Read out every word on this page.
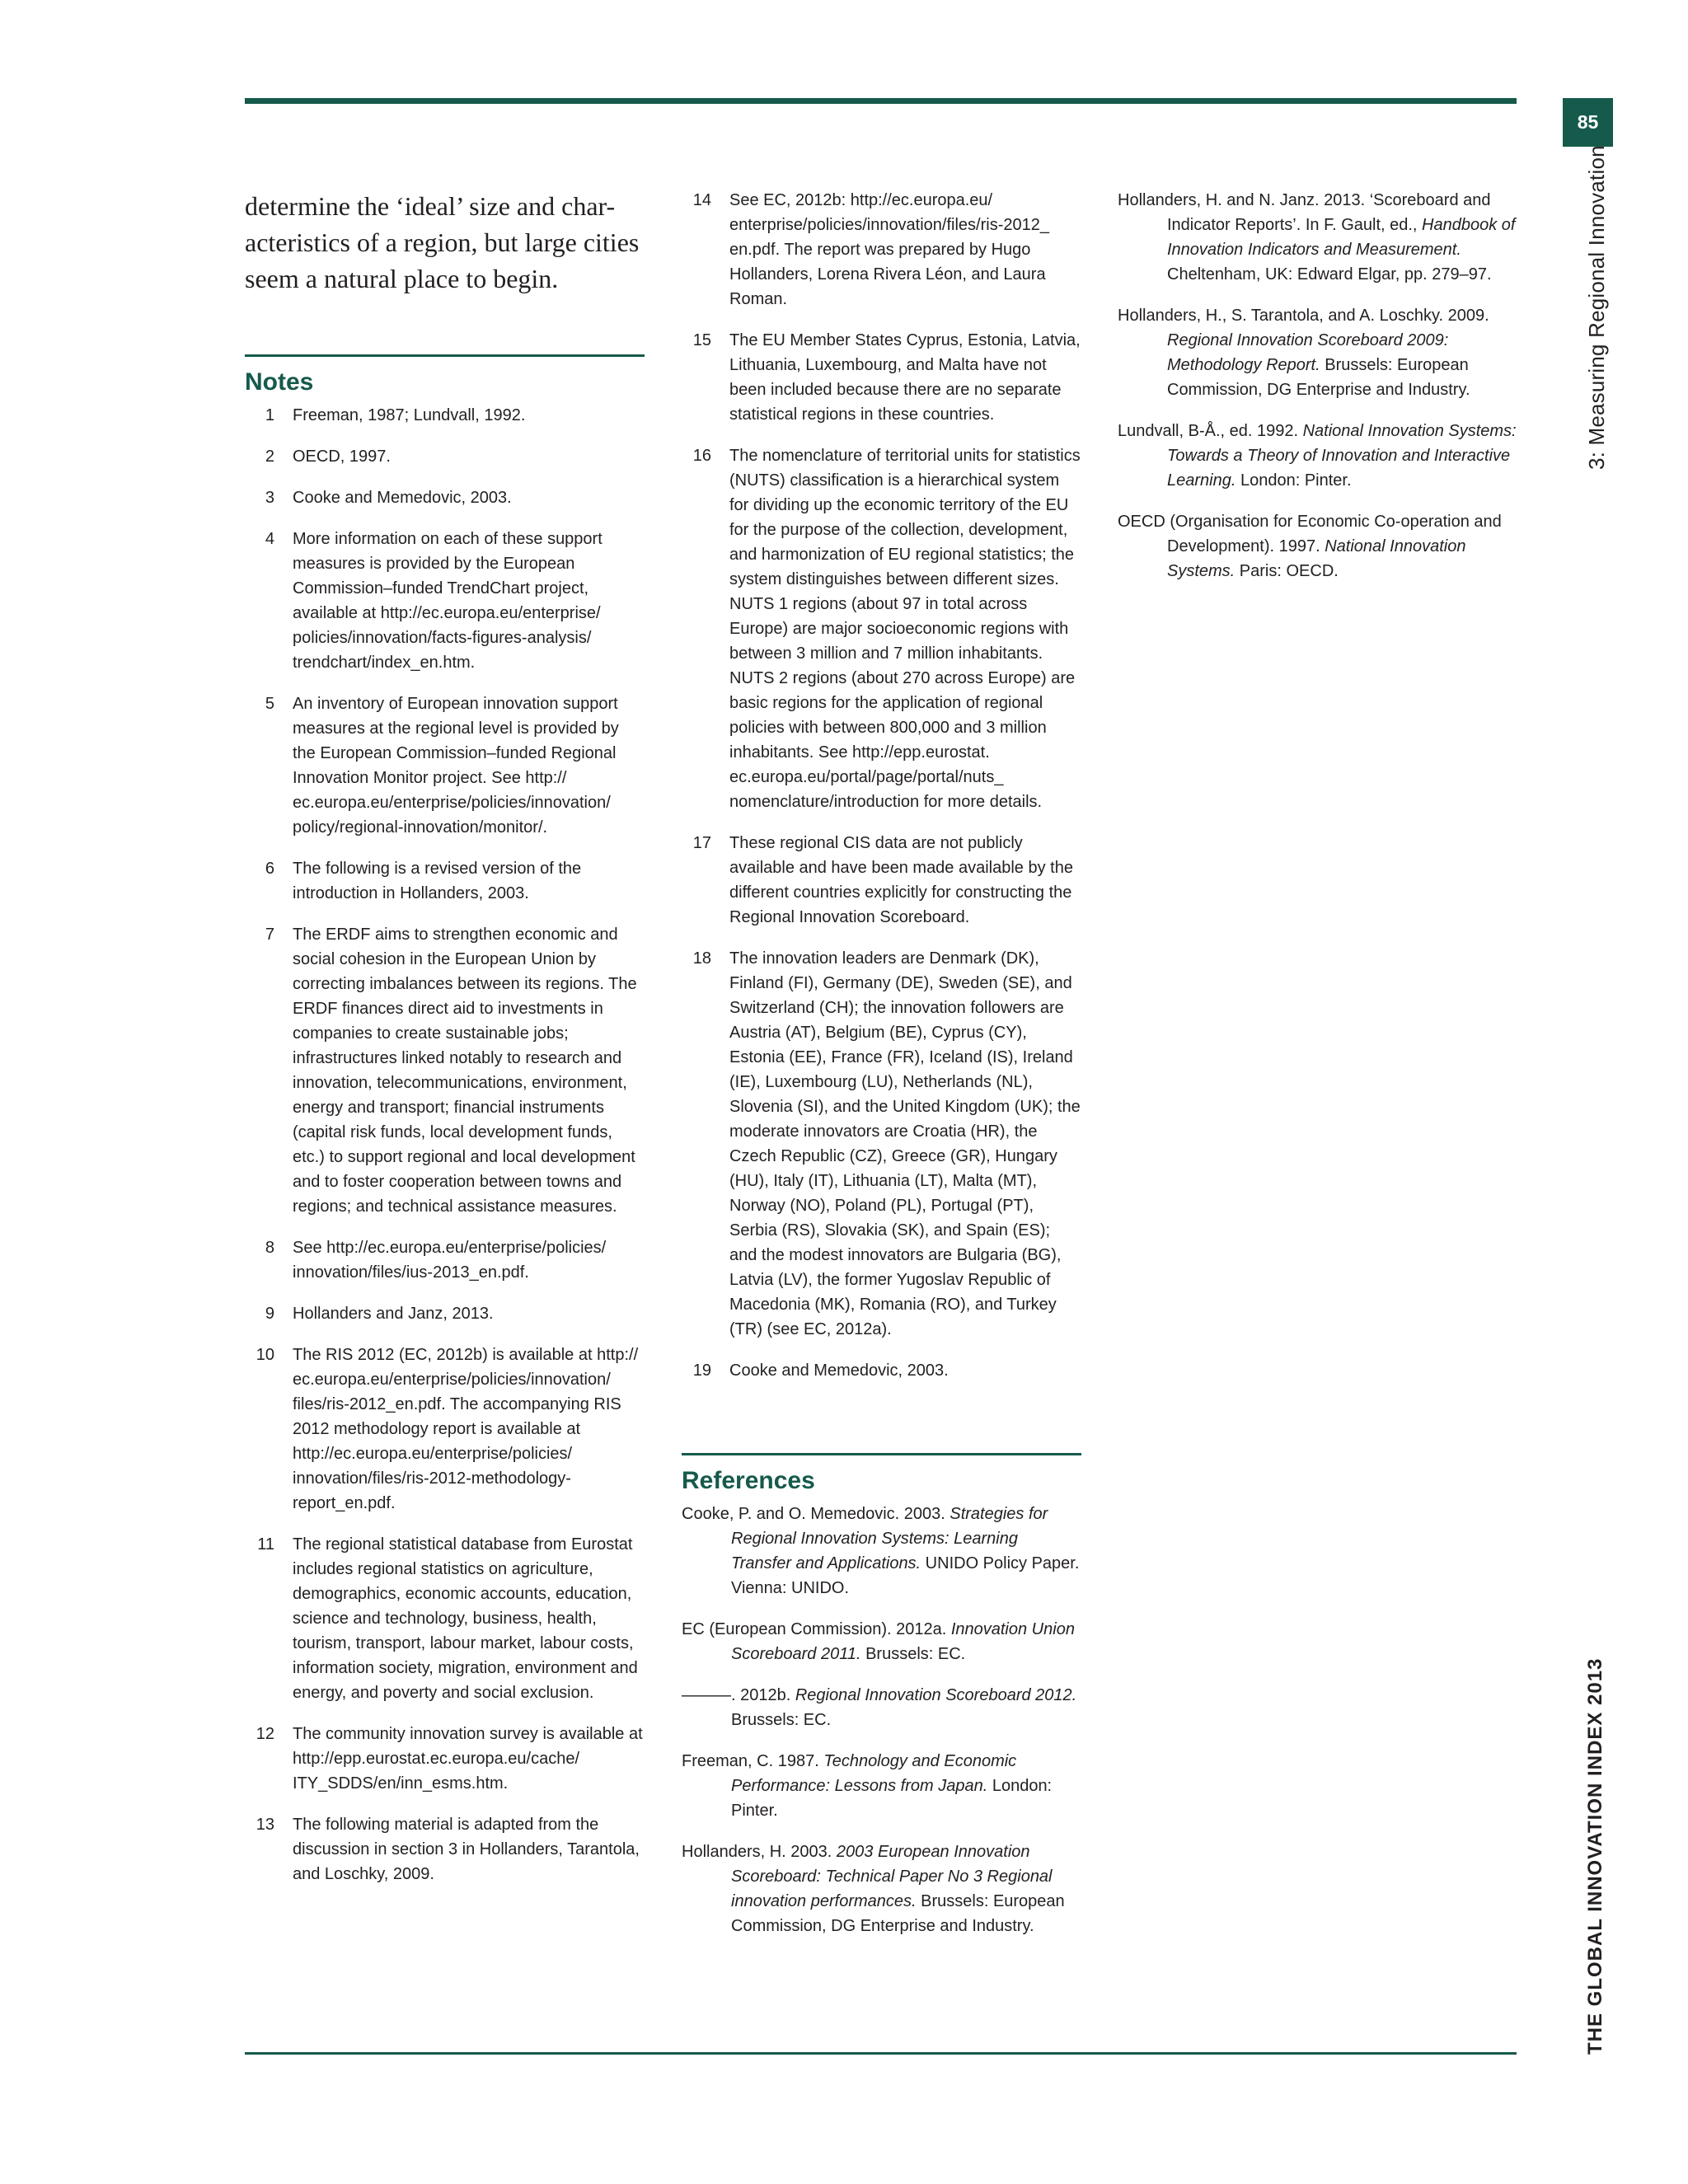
85
3: Measuring Regional Innovation
THE GLOBAL INNOVATION INDEX 2013

determine the ‘ideal’ size and char- acteristics of a region, but large cities seem a natural place to begin.

Notes
1	Freeman, 1987; Lundvall, 1992.
2	OECD, 1997.
3	Cooke and Memedovic, 2003.
4	More information on each of these support measures is provided by the European Commission–funded TrendChart project, available at http://ec.europa.eu/enterprise/ policies/innovation/facts-figures-analysis/ trendchart/index_en.htm.
5	An inventory of European innovation support measures at the regional level is provided by the European Commission–funded Regional Innovation Monitor project. See http:// ec.europa.eu/enterprise/policies/innovation/ policy/regional-innovation/monitor/.
6	The following is a revised version of the introduction in Hollanders, 2003.
7	The ERDF aims to strengthen economic and social cohesion in the European Union by correcting imbalances between its regions. The ERDF finances direct aid to investments in companies to create sustainable jobs; infrastructures linked notably to research and innovation, telecommunications, environment, energy and transport; financial instruments (capital risk funds, local development funds, etc.) to support regional and local development and to foster cooperation between towns and regions; and technical assistance measures.
8	See http://ec.europa.eu/enterprise/policies/ innovation/files/ius-2013_en.pdf.
9	Hollanders and Janz, 2013.
10	The RIS 2012 (EC, 2012b) is available at http:// ec.europa.eu/enterprise/policies/innovation/ files/ris-2012_en.pdf. The accompanying RIS 2012 methodology report is available at http://ec.europa.eu/enterprise/policies/ innovation/files/ris-2012-methodology- report_en.pdf.
11	The regional statistical database from Eurostat includes regional statistics on agriculture, demographics, economic accounts, education, science and technology, business, health, tourism, transport, labour market, labour costs, information society, migration, environment and energy, and poverty and social exclusion.
12	The community innovation survey is available at http://epp.eurostat.ec.europa.eu/cache/ ITY_SDDS/en/inn_esms.htm.
13	The following material is adapted from the discussion in section 3 in Hollanders, Tarantola, and Loschky, 2009.
14	See EC, 2012b: http://ec.europa.eu/ enterprise/policies/innovation/files/ris-2012_ en.pdf. The report was prepared by Hugo Hollanders, Lorena Rivera Léon, and Laura Roman.
15	The EU Member States Cyprus, Estonia, Latvia, Lithuania, Luxembourg, and Malta have not been included because there are no separate statistical regions in these countries.
16	The nomenclature of territorial units for statistics (NUTS) classification is a hierarchical system for dividing up the economic territory of the EU for the purpose of the collection, development, and harmonization of EU regional statistics; the system distinguishes between different sizes. NUTS 1 regions (about 97 in total across Europe) are major socioeconomic regions with between 3 million and 7 million inhabitants. NUTS 2 regions (about 270 across Europe) are basic regions for the application of regional policies with between 800,000 and 3 million inhabitants. See http://epp.eurostat. ec.europa.eu/portal/page/portal/nuts_ nomenclature/introduction for more details.
17	These regional CIS data are not publicly available and have been made available by the different countries explicitly for constructing the Regional Innovation Scoreboard.
18	The innovation leaders are Denmark (DK), Finland (FI), Germany (DE), Sweden (SE), and Switzerland (CH); the innovation followers are Austria (AT), Belgium (BE), Cyprus (CY), Estonia (EE), France (FR), Iceland (IS), Ireland (IE), Luxembourg (LU), Netherlands (NL), Slovenia (SI), and the United Kingdom (UK); the moderate innovators are Croatia (HR), the Czech Republic (CZ), Greece (GR), Hungary (HU), Italy (IT), Lithuania (LT), Malta (MT), Norway (NO), Poland (PL), Portugal (PT), Serbia (RS), Slovakia (SK), and Spain (ES); and the modest innovators are Bulgaria (BG), Latvia (LV), the former Yugoslav Republic of Macedonia (MK), Romania (RO), and Turkey (TR) (see EC, 2012a).
19	Cooke and Memedovic, 2003.
References
Cooke, P. and O. Memedovic. 2003. Strategies for Regional Innovation Systems: Learning Transfer and Applications. UNIDO Policy Paper. Vienna: UNIDO.
EC (European Commission). 2012a. Innovation Union Scoreboard 2011. Brussels: EC.
———. 2012b. Regional Innovation Scoreboard 2012. Brussels: EC.
Freeman, C. 1987. Technology and Economic Performance: Lessons from Japan. London: Pinter.
Hollanders, H. 2003. 2003 European Innovation Scoreboard: Technical Paper No 3 Regional innovation performances. Brussels: European Commission, DG Enterprise and Industry.
Hollanders, H. and N. Janz. 2013. ‘Scoreboard and Indicator Reports’. In F. Gault, ed., Handbook of Innovation Indicators and Measurement. Cheltenham, UK: Edward Elgar, pp. 279–97.
Hollanders, H., S. Tarantola, and A. Loschky. 2009. Regional Innovation Scoreboard 2009: Methodology Report. Brussels: European Commission, DG Enterprise and Industry.
Lundvall, B-Å., ed. 1992. National Innovation Systems: Towards a Theory of Innovation and Interactive Learning. London: Pinter.
OECD (Organisation for Economic Co-operation and Development). 1997. National Innovation Systems. Paris: OECD.
